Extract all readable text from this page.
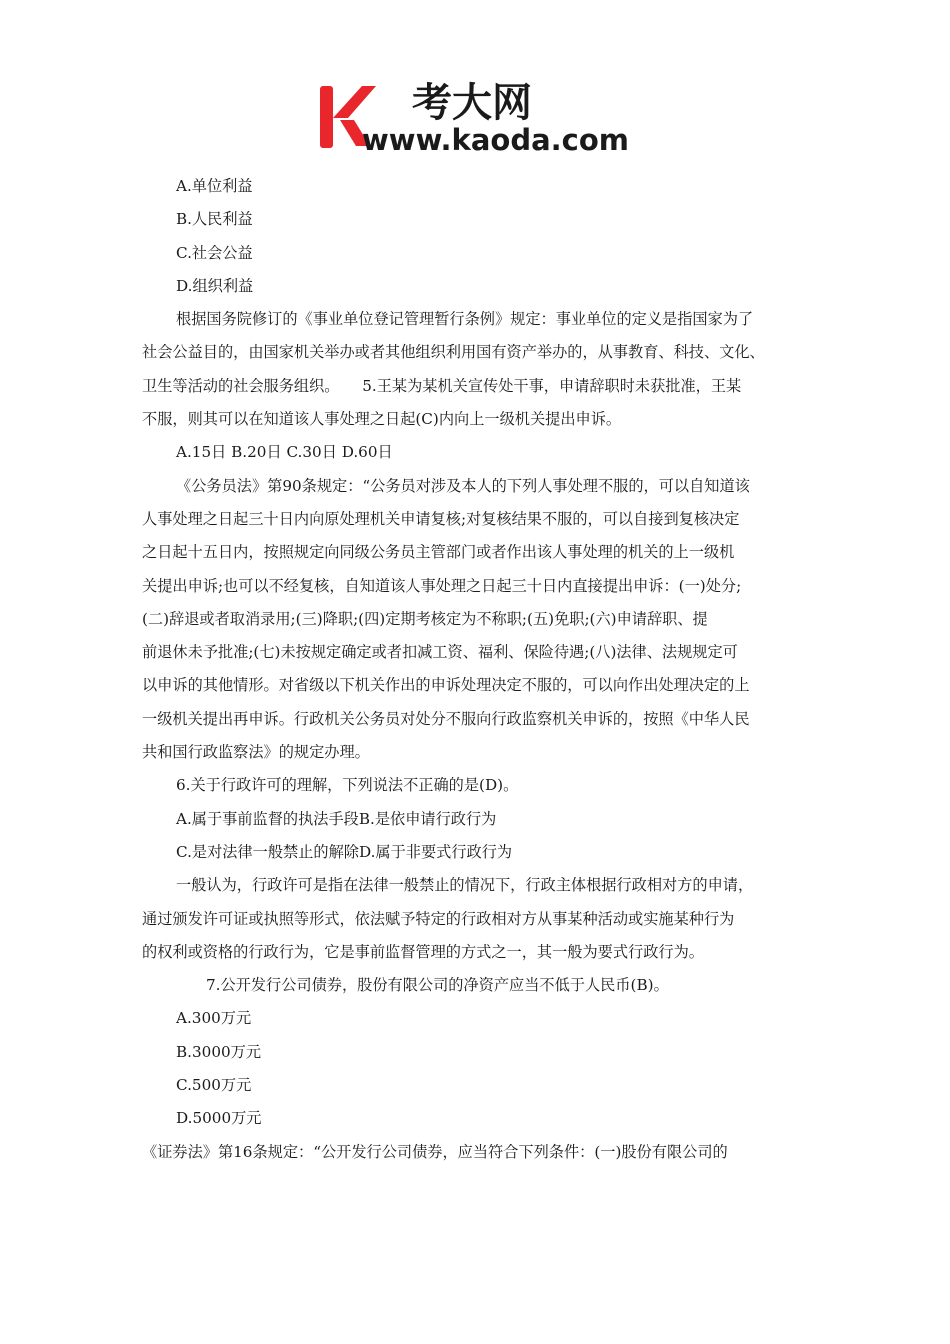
考大网
www.kaoda.com

A.单位利益

B.人民利益

C.社会公益

D.组织利益

根据国务院修订的《事业单位登记管理暂行条例》规定：事业单位的定义是指国家为了

社会公益目的，由国家机关举办或者其他组织利用国有资产举办的，从事教育、科技、文化、

卫生等活动的社会服务组织。　　5.王某为某机关宣传处干事，申请辞职时未获批准，王某

不服，则其可以在知道该人事处理之日起(C)内向上一级机关提出申诉。

A.15日 B.20日 C.30日 D.60日

《公务员法》第90条规定：“公务员对涉及本人的下列人事处理不服的，可以自知道该

人事处理之日起三十日内向原处理机关申请复核;对复核结果不服的，可以自接到复核决定

之日起十五日内，按照规定向同级公务员主管部门或者作出该人事处理的机关的上一级机

关提出申诉;也可以不经复核，自知道该人事处理之日起三十日内直接提出申诉：(一)处分;

(二)辞退或者取消录用;(三)降职;(四)定期考核定为不称职;(五)免职;(六)申请辞职、提

前退休未予批准;(七)未按规定确定或者扣减工资、福利、保险待遇;(八)法律、法规规定可

以申诉的其他情形。对省级以下机关作出的申诉处理决定不服的，可以向作出处理决定的上

一级机关提出再申诉。行政机关公务员对处分不服向行政监察机关申诉的，按照《中华人民

共和国行政监察法》的规定办理。

6.关于行政许可的理解，下列说法不正确的是(D)。

A.属于事前监督的执法手段B.是依申请行政行为

C.是对法律一般禁止的解除D.属于非要式行政行为

一般认为，行政许可是指在法律一般禁止的情况下，行政主体根据行政相对方的申请，

通过颁发许可证或执照等形式，依法赋予特定的行政相对方从事某种活动或实施某种行为

的权利或资格的行政行为，它是事前监督管理的方式之一，其一般为要式行政行为。

7.公开发行公司债券，股份有限公司的净资产应当不低于人民币(B)。

A.300万元

B.3000万元

C.500万元

D.5000万元

《证券法》第16条规定：“公开发行公司债券，应当符合下列条件：(一)股份有限公司的
